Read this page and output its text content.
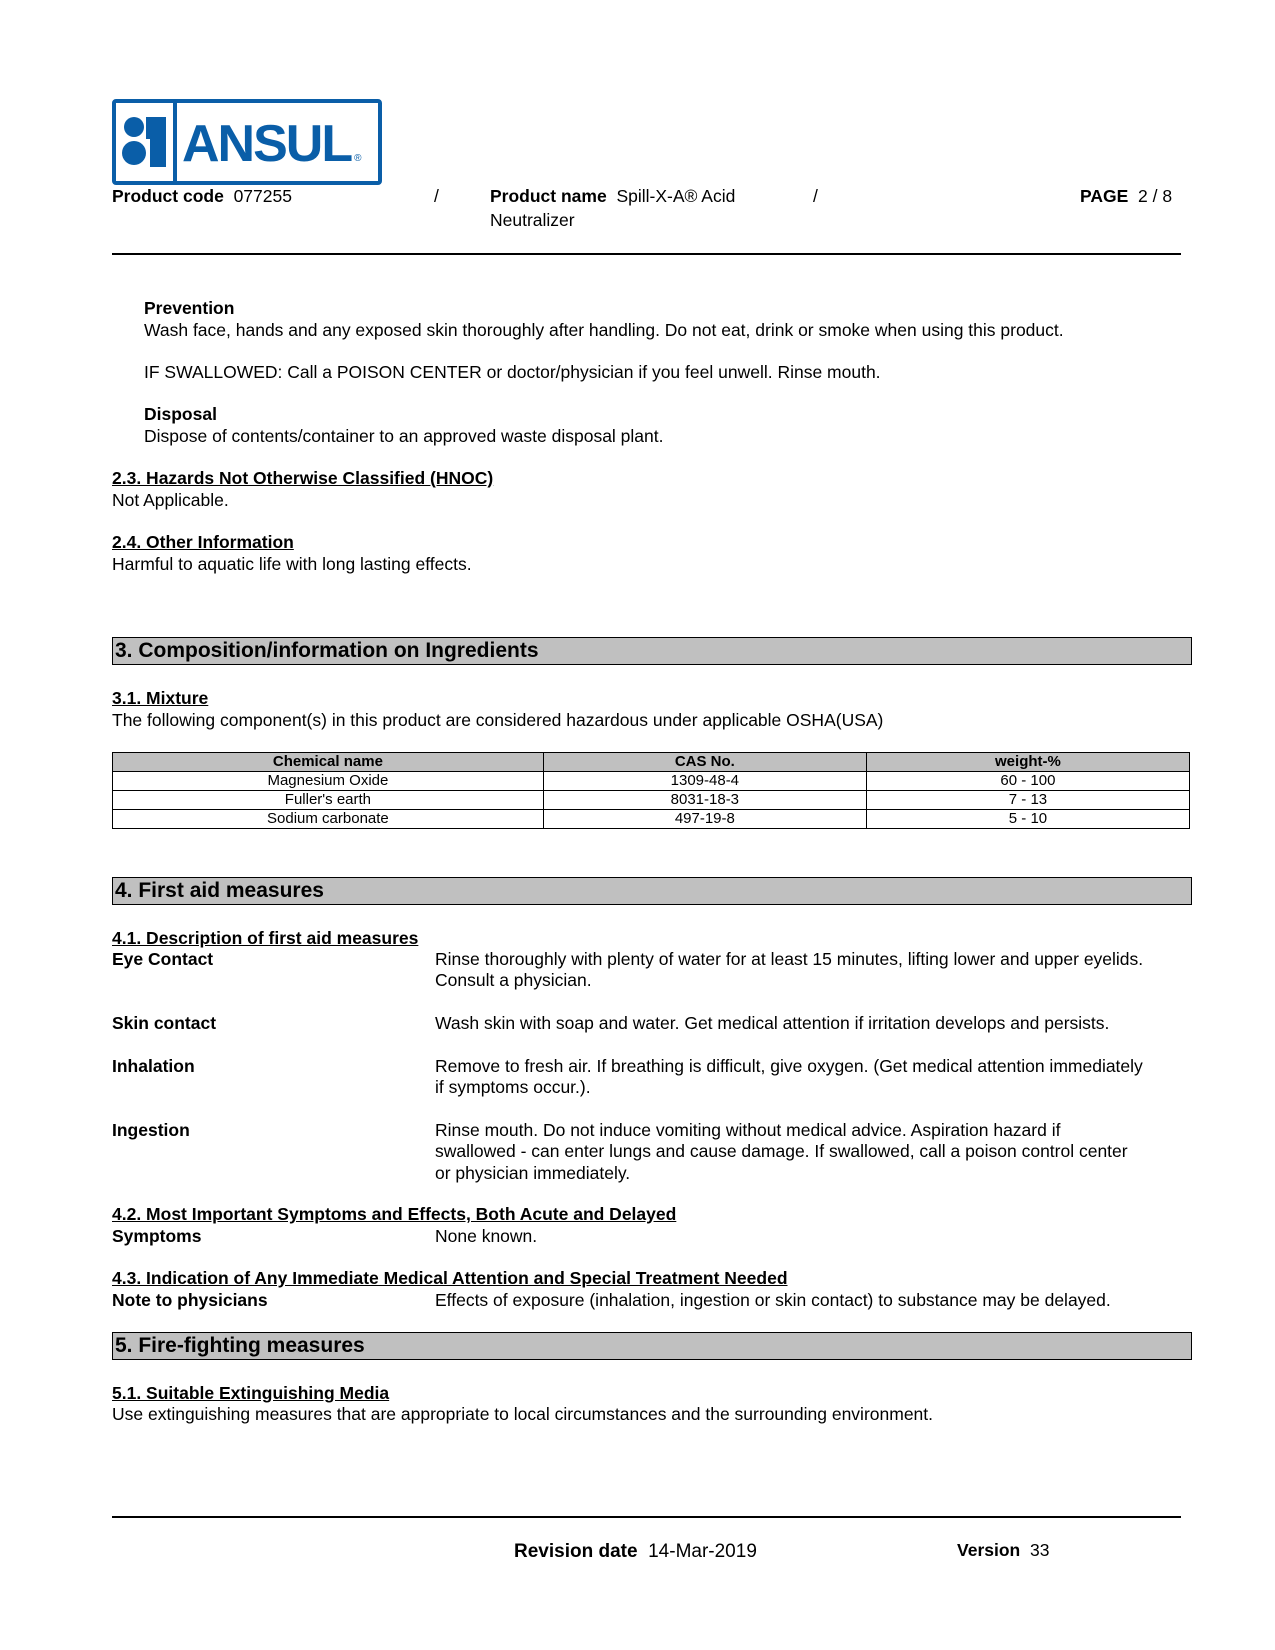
ANSUL ®
Product code 077255	/	Product name Spill-X-A® Acid
Neutralizer
/	PAGE 2 / 8
Prevention
Wash face, hands and any exposed skin thoroughly after handling. Do not eat, drink or smoke when using this product.
IF SWALLOWED: Call a POISON CENTER or doctor/physician if you feel unwell. Rinse mouth.
Disposal
Dispose of contents/container to an approved waste disposal plant.
2.3. Hazards Not Otherwise Classified (HNOC)
Not Applicable.
2.4. Other Information
Harmful to aquatic life with long lasting effects.
3. Composition/information on Ingredients
3.1. Mixture
The following component(s) in this product are considered hazardous under applicable OSHA(USA)
Chemical name	CAS No.	weight-%
Magnesium Oxide	1309-48-4	60 - 100
Fuller's earth	8031-18-3	7 - 13
Sodium carbonate	497-19-8	5 - 10
4. First aid measures
4.1. Description of first aid measures
Eye Contact	Rinse thoroughly with plenty of water for at least 15 minutes, lifting lower and upper eyelids.
Consult a physician.
Skin contact	Wash skin with soap and water. Get medical attention if irritation develops and persists.
Inhalation	Remove to fresh air. If breathing is difficult, give oxygen. (Get medical attention immediately
if symptoms occur.).
Ingestion	Rinse mouth. Do not induce vomiting without medical advice. Aspiration hazard if
swallowed - can enter lungs and cause damage. If swallowed, call a poison control center
or physician immediately.
4.2. Most Important Symptoms and Effects, Both Acute and Delayed
Symptoms	None known.
4.3. Indication of Any Immediate Medical Attention and Special Treatment Needed
Note to physicians	Effects of exposure (inhalation, ingestion or skin contact) to substance may be delayed.
5. Fire-fighting measures
5.1. Suitable Extinguishing Media
Use extinguishing measures that are appropriate to local circumstances and the surrounding environment.
Revision date 14-Mar-2019	Version 33
